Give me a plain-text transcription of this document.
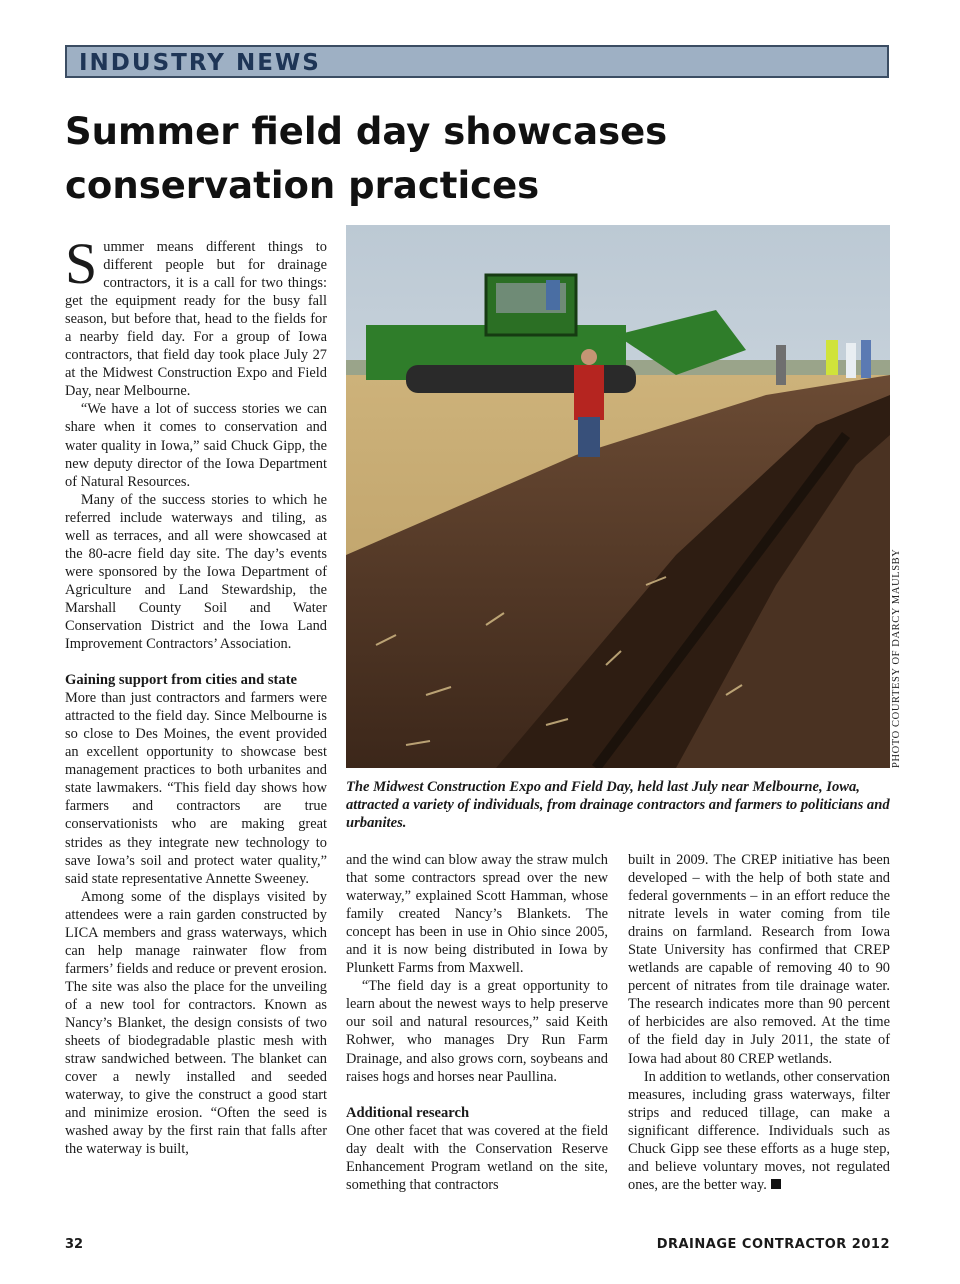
INDUSTRY NEWS
Summer field day showcases
conservation practices

Summer means different things to different people but for drainage contractors, it is a call for two things: get the equipment ready for the busy fall season, but before that, head to the fields for a nearby field day. For a group of Iowa contractors, that field day took place July 27 at the Midwest Construction Expo and Field Day, near Melbourne.

“We have a lot of success stories we can share when it comes to conservation and water quality in Iowa,” said Chuck Gipp, the new deputy director of the Iowa Department of Natural Resources.

Many of the success stories to which he referred include waterways and tiling, as well as terraces, and all were showcased at the 80-acre field day site. The day’s events were sponsored by the Iowa Department of Agriculture and Land Stewardship, the Marshall County Soil and Water Conservation District and the Iowa Land Improvement Contractors’ Association.

Gaining support from cities and state

More than just contractors and farmers were attracted to the field day. Since Melbourne is so close to Des Moines, the event provided an excellent opportunity to showcase best management practices to both urbanites and state lawmakers. “This field day shows how farmers and contractors are true conservationists who are making great strides as they integrate new technology to save Iowa’s soil and protect water quality,” said state representative Annette Sweeney.

Among some of the displays visited by attendees were a rain garden constructed by LICA members and grass waterways, which can help manage rainwater flow from farmers’ fields and reduce or prevent erosion. The site was also the place for the unveiling of a new tool for contractors. Known as Nancy’s Blanket, the design consists of two sheets of biodegradable plastic mesh with straw sandwiched between. The blanket can cover a newly installed and seeded waterway, to give the construct a good start and minimize erosion. “Often the seed is washed away by the first rain that falls after the waterway is built,

PHOTO COURTESY OF DARCY MAULSBY
The Midwest Construction Expo and Field Day, held last July near Melbourne, Iowa, attracted a variety of individuals, from drainage contractors and farmers to politicians and urbanites.

and the wind can blow away the straw mulch that some contractors spread over the new waterway,” explained Scott Hamman, whose family created Nancy’s Blankets. The concept has been in use in Ohio since 2005, and it is now being distributed in Iowa by Plunkett Farms from Maxwell.

“The field day is a great opportunity to learn about the newest ways to help preserve our soil and natural resources,” said Keith Rohwer, who manages Dry Run Farm Drainage, and also grows corn, soybeans and raises hogs and horses near Paullina.

Additional research

One other facet that was covered at the field day dealt with the Conservation Reserve Enhancement Program wetland on the site, something that contractors

built in 2009. The CREP initiative has been developed – with the help of both state and federal governments – in an effort reduce the nitrate levels in water coming from tile drains on farmland. Research from Iowa State University has confirmed that CREP wetlands are capable of removing 40 to 90 percent of nitrates from tile drainage water. The research indicates more than 90 percent of herbicides are also removed. At the time of the field day in July 2011, the state of Iowa had about 80 CREP wetlands.

In addition to wetlands, other conservation measures, including grass waterways, filter strips and reduced tillage, can make a significant difference. Individuals such as Chuck Gipp see these efforts as a huge step, and believe voluntary moves, not regulated ones, are the better way.

32	DRAINAGE CONTRACTOR 2012
